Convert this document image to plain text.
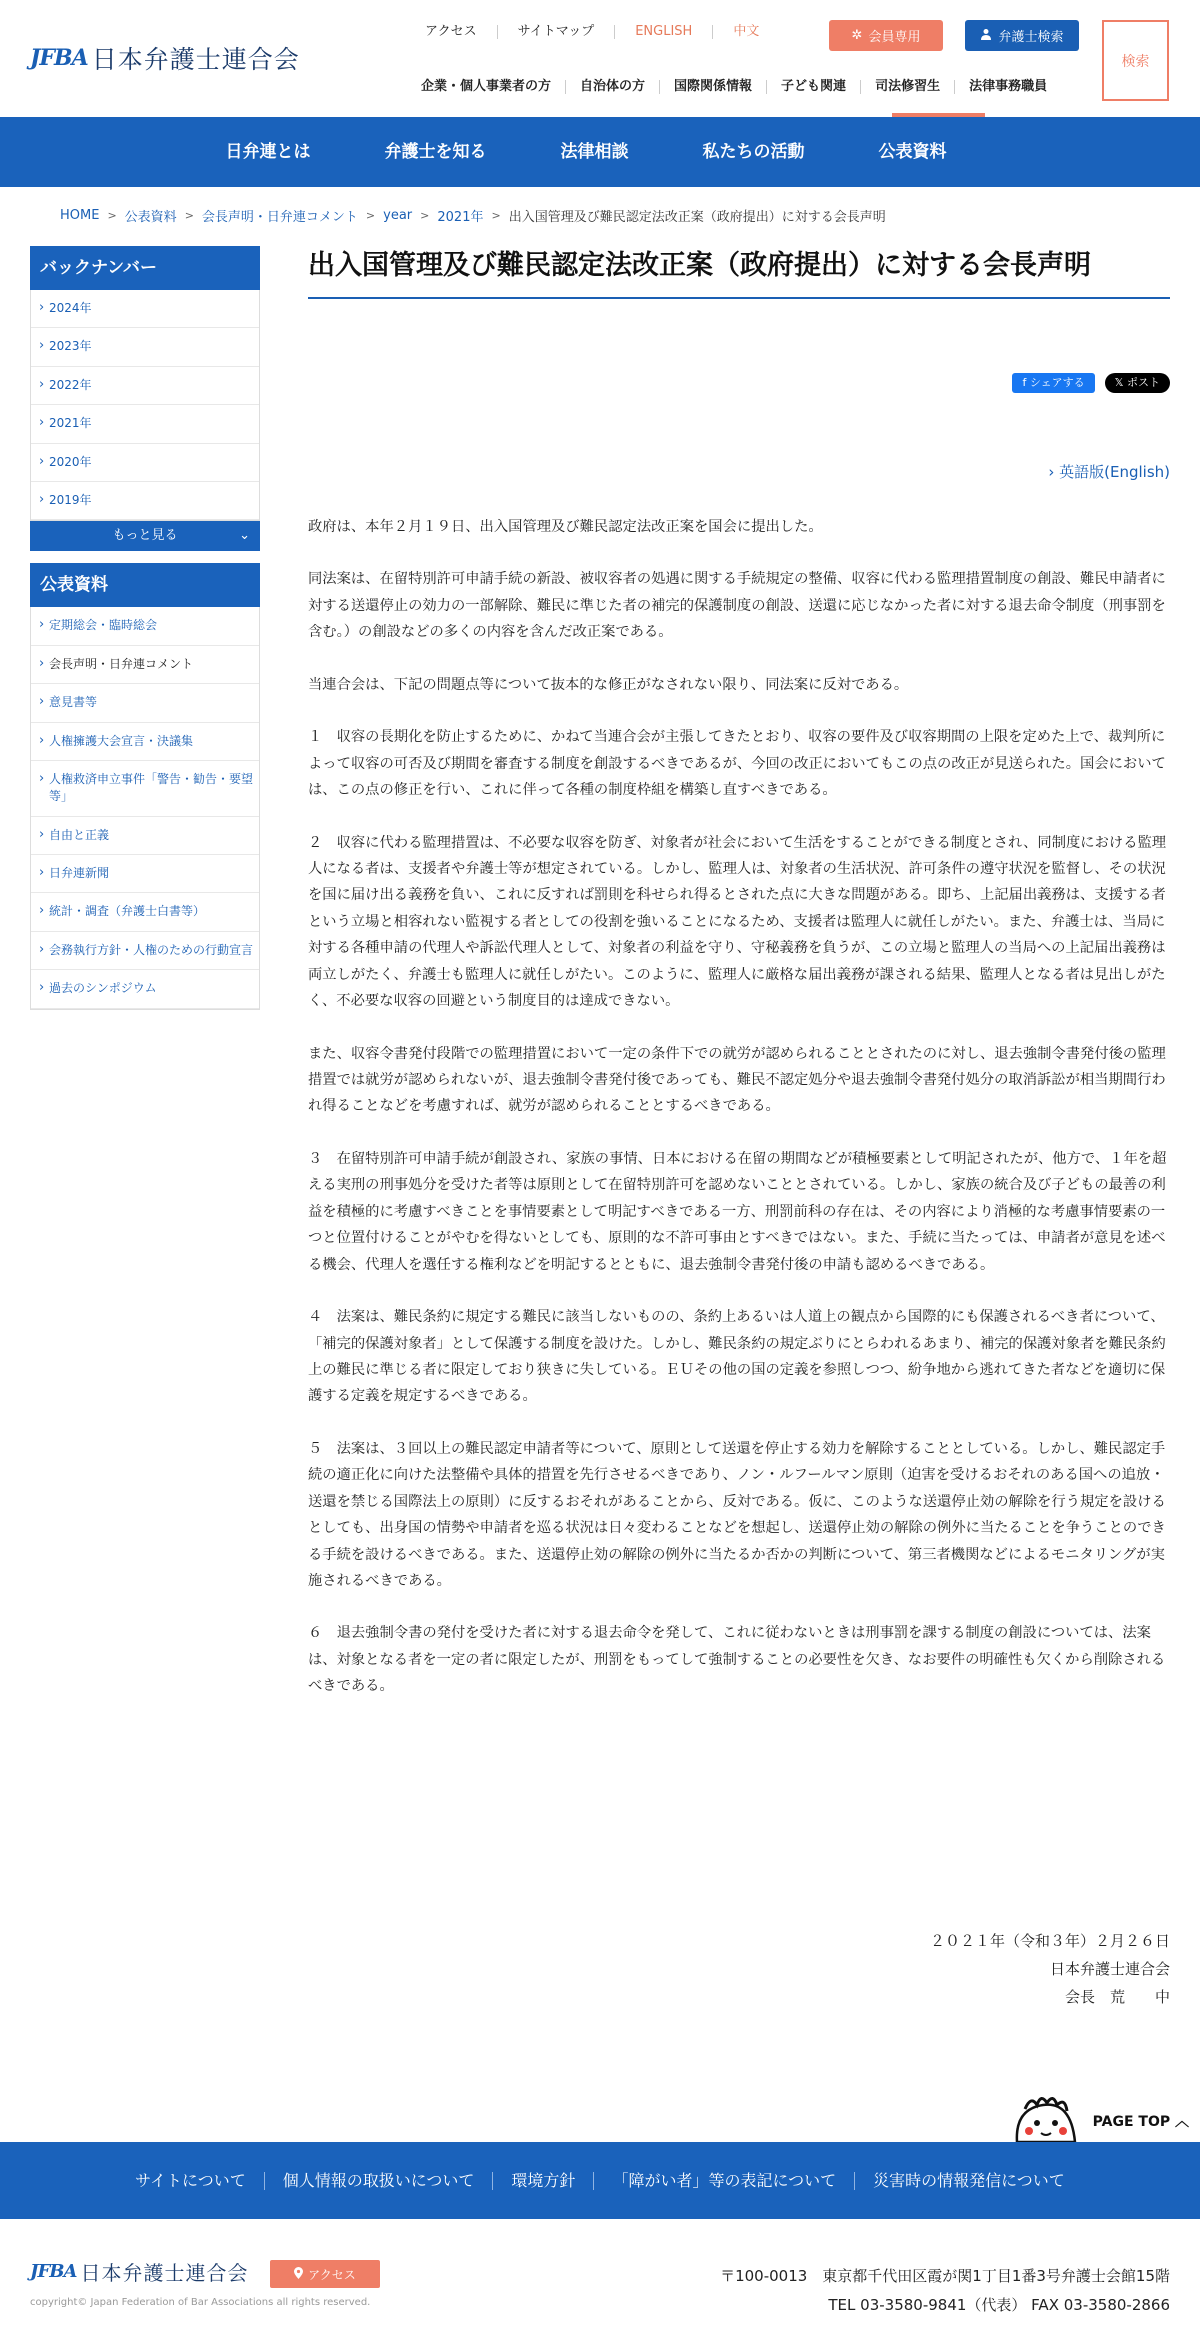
JFBA 日本弁護士連合会
アクセス	サイトマップ	ENGLISH	中文	✲ 会員専用	弁護士検索
検索
企業・個人事業者の方	自治体の方	国際関係情報	子ども関連	司法修習生	法律事務職員
日弁連とは	弁護士を知る	法律相談	私たちの活動	公表資料
HOME > 公表資料 > 会長声明・日弁連コメント > year > 2021年 > 出入国管理及び難民認定法改正案（政府提出）に対する会長声明
バックナンバー
› 2024年
› 2023年
› 2022年
› 2021年
› 2020年
› 2019年
もっと見る	⌄
公表資料
› 定期総会・臨時総会
› 会長声明・日弁連コメント
› 意見書等
› 人権擁護大会宣言・決議集
› 人権救済申立事件「警告・勧告・要望等」
› 自由と正義
› 日弁連新聞
› 統計・調査（弁護士白書等）
› 会務執行方針・人権のための行動宣言
› 過去のシンポジウム
出入国管理及び難民認定法改正案（政府提出）に対する会長声明
f シェアする	𝕏 ポスト
› 英語版(English)

政府は、本年２月１９日、出入国管理及び難民認定法改正案を国会に提出した。

同法案は、在留特別許可申請手続の新設、被収容者の処遇に関する手続規定の整備、収容に代わる監理措置制度の創設、難民申請者に対する送還停止の効力の一部解除、難民に準じた者の補完的保護制度の創設、送還に応じなかった者に対する退去命令制度（刑事罰を含む。）の創設などの多くの内容を含んだ改正案である。

当連合会は、下記の問題点等について抜本的な修正がなされない限り、同法案に反対である。

１　収容の長期化を防止するために、かねて当連合会が主張してきたとおり、収容の要件及び収容期間の上限を定めた上で、裁判所によって収容の可否及び期間を審査する制度を創設するべきであるが、今回の改正においてもこの点の改正が見送られた。国会においては、この点の修正を行い、これに伴って各種の制度枠組を構築し直すべきである。

２　収容に代わる監理措置は、不必要な収容を防ぎ、対象者が社会において生活をすることができる制度とされ、同制度における監理人になる者は、支援者や弁護士等が想定されている。しかし、監理人は、対象者の生活状況、許可条件の遵守状況を監督し、その状況を国に届け出る義務を負い、これに反すれば罰則を科せられ得るとされた点に大きな問題がある。即ち、上記届出義務は、支援する者という立場と相容れない監視する者としての役割を強いることになるため、支援者は監理人に就任しがたい。また、弁護士は、当局に対する各種申請の代理人や訴訟代理人として、対象者の利益を守り、守秘義務を負うが、この立場と監理人の当局への上記届出義務は両立しがたく、弁護士も監理人に就任しがたい。このように、監理人に厳格な届出義務が課される結果、監理人となる者は見出しがたく、不必要な収容の回避という制度目的は達成できない。

また、収容令書発付段階での監理措置において一定の条件下での就労が認められることとされたのに対し、退去強制令書発付後の監理措置では就労が認められないが、退去強制令書発付後であっても、難民不認定処分や退去強制令書発付処分の取消訴訟が相当期間行われ得ることなどを考慮すれば、就労が認められることとするべきである。

３　在留特別許可申請手続が創設され、家族の事情、日本における在留の期間などが積極要素として明記されたが、他方で、１年を超える実刑の刑事処分を受けた者等は原則として在留特別許可を認めないこととされている。しかし、家族の統合及び子どもの最善の利益を積極的に考慮すべきことを事情要素として明記すべきである一方、刑罰前科の存在は、その内容により消極的な考慮事情要素の一つと位置付けることがやむを得ないとしても、原則的な不許可事由とすべきではない。また、手続に当たっては、申請者が意見を述べる機会、代理人を選任する権利などを明記するとともに、退去強制令書発付後の申請も認めるべきである。

４　法案は、難民条約に規定する難民に該当しないものの、条約上あるいは人道上の観点から国際的にも保護されるべき者について、「補完的保護対象者」として保護する制度を設けた。しかし、難民条約の規定ぶりにとらわれるあまり、補完的保護対象者を難民条約上の難民に準じる者に限定しており狭きに失している。ＥＵその他の国の定義を参照しつつ、紛争地から逃れてきた者などを適切に保護する定義を規定するべきである。

５　法案は、３回以上の難民認定申請者等について、原則として送還を停止する効力を解除することとしている。しかし、難民認定手続の適正化に向けた法整備や具体的措置を先行させるべきであり、ノン・ルフールマン原則（迫害を受けるおそれのある国への追放・送還を禁じる国際法上の原則）に反するおそれがあることから、反対である。仮に、このような送還停止効の解除を行う規定を設けるとしても、出身国の情勢や申請者を巡る状況は日々変わることなどを想起し、送還停止効の解除の例外に当たることを争うことのできる手続を設けるべきである。また、送還停止効の解除の例外に当たるか否かの判断について、第三者機関などによるモニタリングが実施されるべきである。

６　退去強制令書の発付を受けた者に対する退去命令を発して、これに従わないときは刑事罰を課する制度の創設については、法案は、対象となる者を一定の者に限定したが、刑罰をもってして強制することの必要性を欠き、なお要件の明確性も欠くから削除されるべきである。

２０２１年（令和３年）２月２６日
日本弁護士連合会
会長　荒　　中
PAGE TOP ︿
サイトについて	個人情報の取扱いについて	環境方針	「障がい者」等の表記について	災害時の情報発信について
JFBA 日本弁護士連合会	アクセス
copyright© Japan Federation of Bar Associations all rights reserved.
〒100-0013　東京都千代田区霞が関1丁目1番3号弁護士会館15階
TEL 03-3580-9841（代表） FAX 03-3580-2866
